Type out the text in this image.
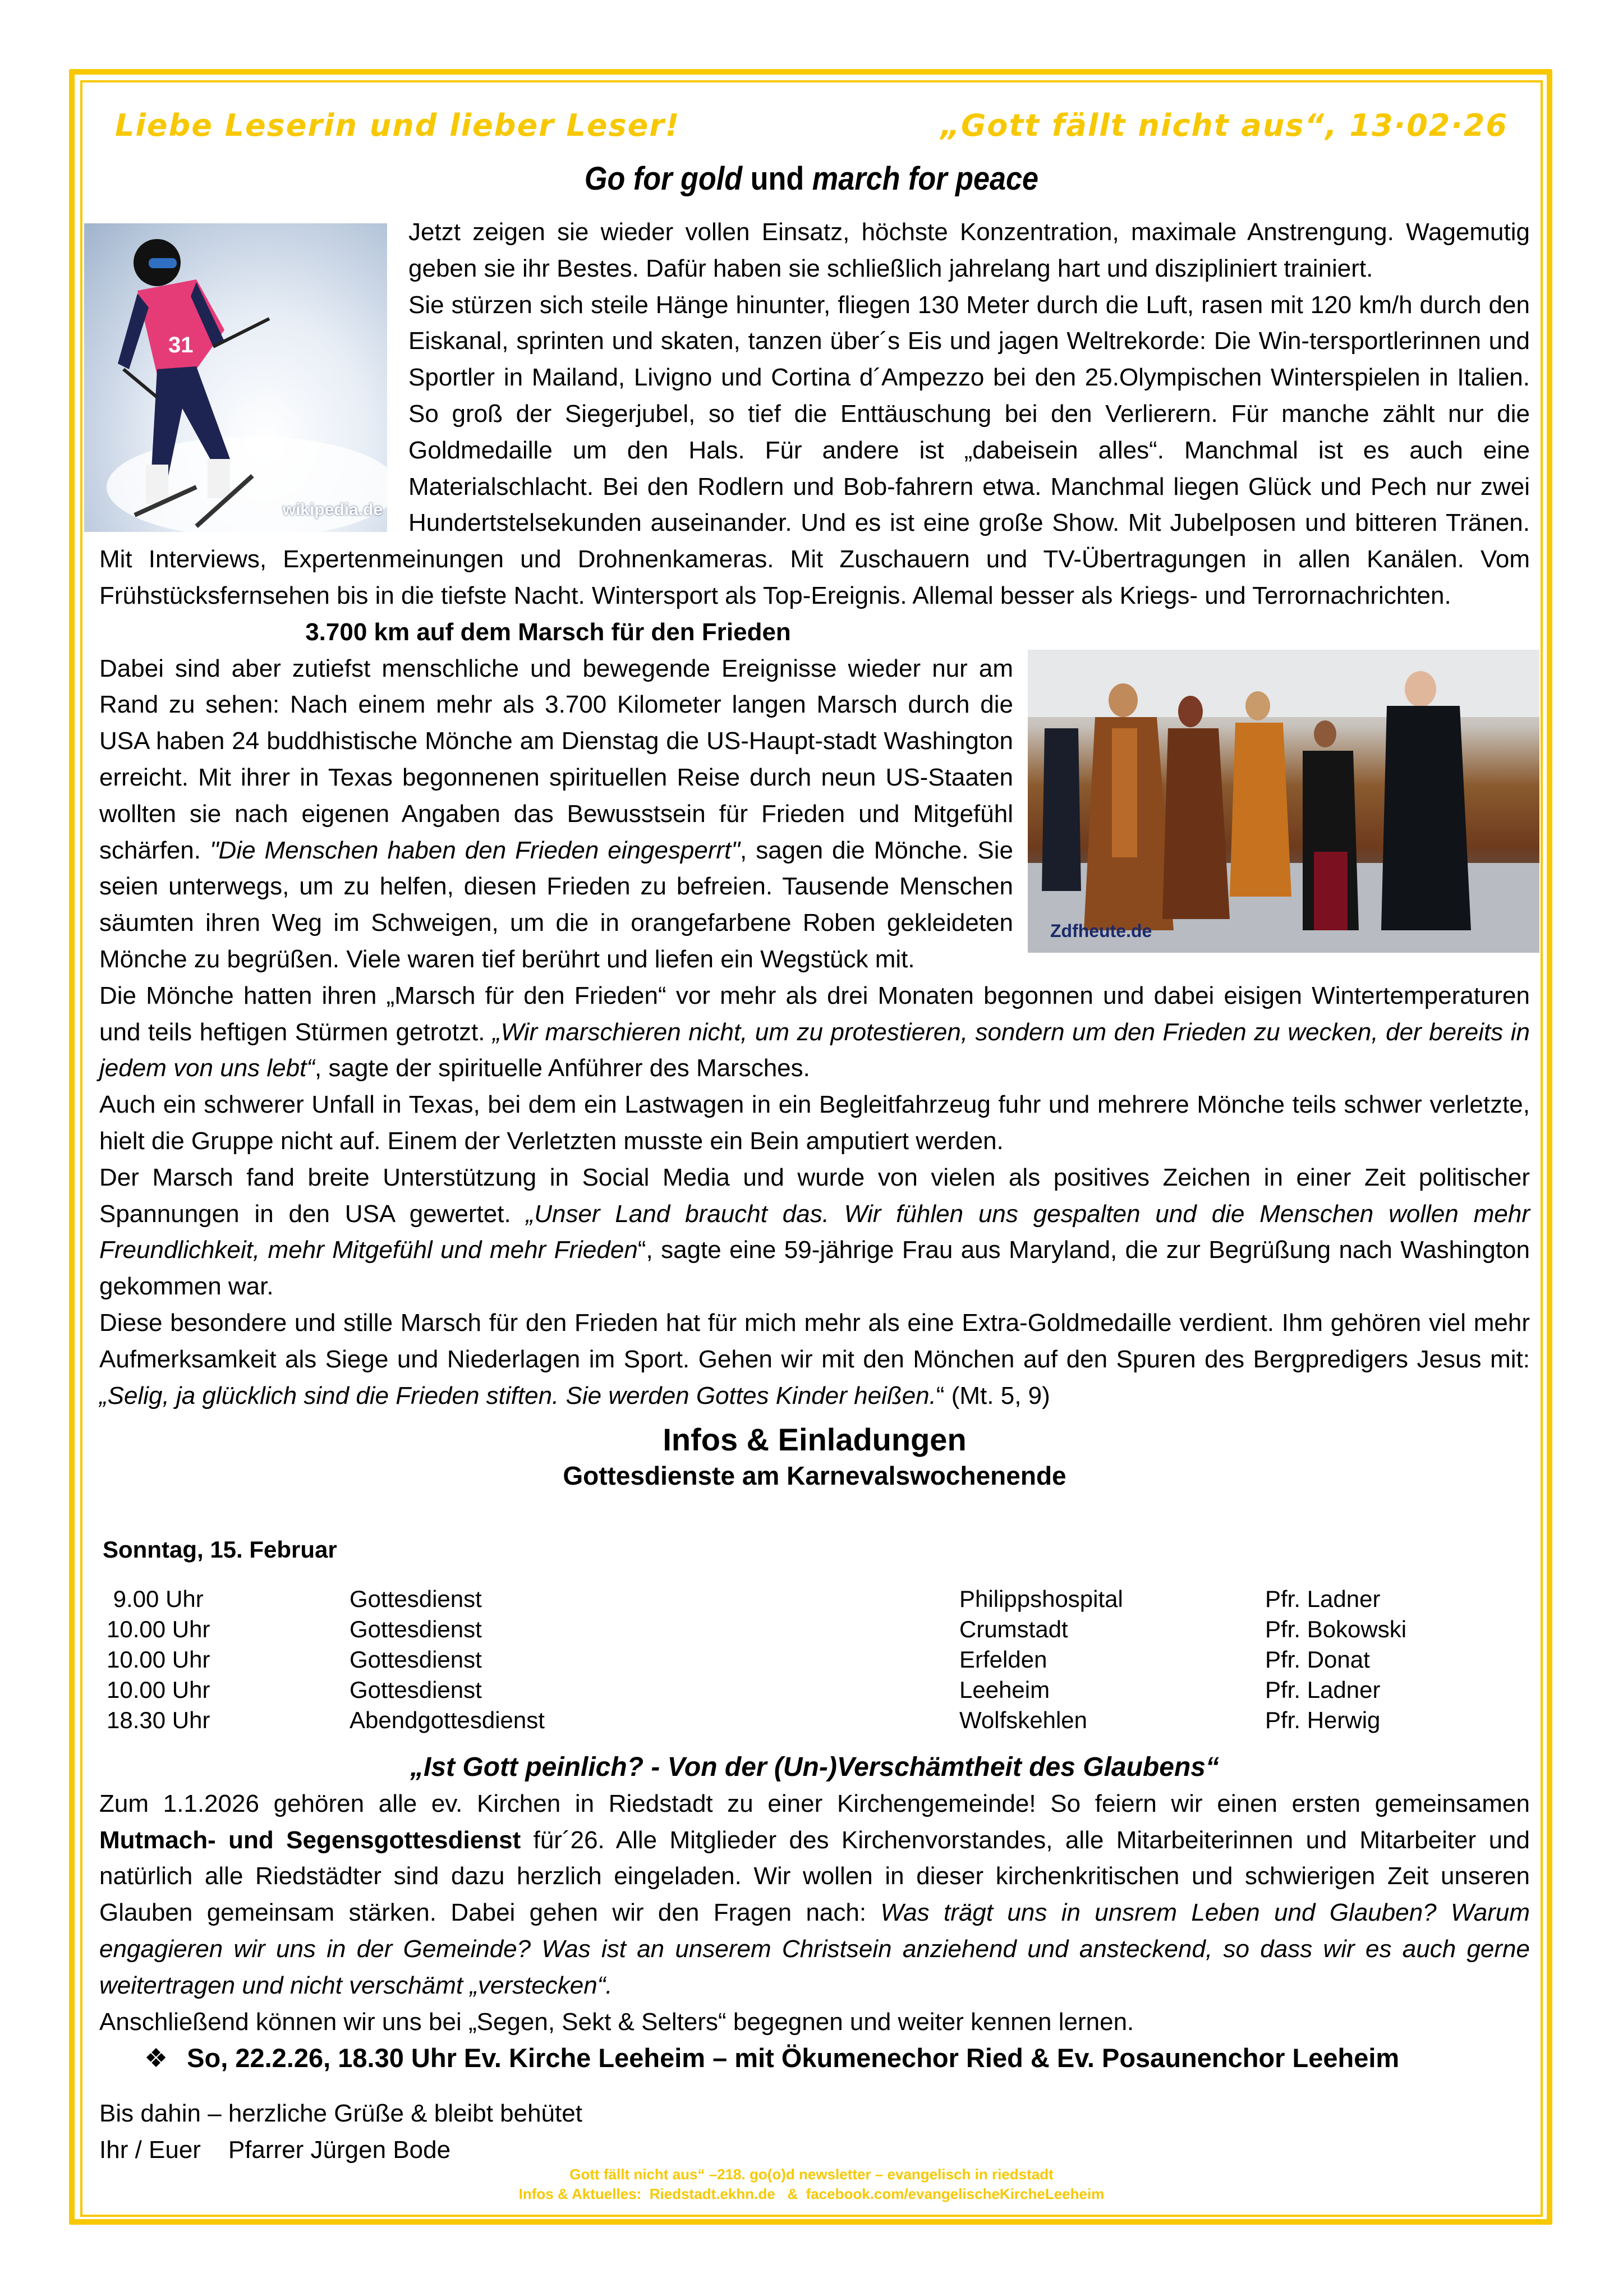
Liebe Leserin und lieber Leser!	„Gott fällt nicht aus“, 13·02·26
Go for gold und march for peace
31
wikipedia.de

Jetzt zeigen sie wieder vollen Einsatz, höchste Konzentration, maximale Anstrengung. Wagemutig geben sie ihr Bestes. Dafür haben sie schließlich jahrelang hart und diszipliniert trainiert.

Sie stürzen sich steile Hänge hinunter, fliegen 130 Meter durch die Luft, rasen mit 120 km/h durch den Eiskanal, sprinten und skaten, tanzen über´s Eis und jagen Weltrekorde: Die Win-tersportlerinnen und Sportler in Mailand, Livigno und Cortina d´Ampezzo bei den 25.Olympischen Winterspielen in Italien. So groß der Siegerjubel, so tief die Enttäuschung bei den Verlierern. Für manche zählt nur die Goldmedaille um den Hals. Für andere ist „dabeisein alles“. Manchmal ist es auch eine Materialschlacht. Bei den Rodlern und Bob-fahrern etwa. Manchmal liegen Glück und Pech nur zwei Hundertstelsekunden auseinander. Und es ist eine große Show. Mit Jubelposen und bitteren Tränen. Mit Interviews, Expertenmeinungen und Drohnenkameras. Mit Zuschauern und TV-Übertragungen in allen Kanälen. Vom Frühstücksfernsehen bis in die tiefste Nacht. Wintersport als Top-Ereignis. Allemal besser als Kriegs- und Terrornachrichten.

3.700 km auf dem Marsch für den Frieden

Zdfheute.de

Dabei sind aber zutiefst menschliche und bewegende Ereignisse wieder nur am Rand zu sehen: Nach einem mehr als 3.700 Kilometer langen Marsch durch die USA haben 24 buddhistische Mönche am Dienstag die US-Haupt-stadt Washington erreicht. Mit ihrer in Texas begonnenen spirituellen Reise durch neun US-Staaten wollten sie nach eigenen Angaben das Bewusstsein für Frieden und Mitgefühl schärfen. "Die Menschen haben den Frieden eingesperrt", sagen die Mönche. Sie seien unterwegs, um zu helfen, diesen Frieden zu befreien. Tausende Menschen säumten ihren Weg im Schweigen, um die in orangefarbene Roben gekleideten Mönche zu begrüßen. Viele waren tief berührt und liefen ein Wegstück mit.

Die Mönche hatten ihren „Marsch für den Frieden“ vor mehr als drei Monaten begonnen und dabei eisigen Wintertemperaturen und teils heftigen Stürmen getrotzt. „Wir marschieren nicht, um zu protestieren, sondern um den Frieden zu wecken, der bereits in jedem von uns lebt“, sagte der spirituelle Anführer des Marsches.

Auch ein schwerer Unfall in Texas, bei dem ein Lastwagen in ein Begleitfahrzeug fuhr und mehrere Mönche teils schwer verletzte, hielt die Gruppe nicht auf. Einem der Verletzten musste ein Bein amputiert werden.

Der Marsch fand breite Unterstützung in Social Media und wurde von vielen als positives Zeichen in einer Zeit politischer Spannungen in den USA gewertet. „Unser Land braucht das. Wir fühlen uns gespalten und die Menschen wollen mehr Freundlichkeit, mehr Mitgefühl und mehr Frieden“, sagte eine 59-jährige Frau aus Maryland, die zur Begrüßung nach Washington gekommen war.

Diese besondere und stille Marsch für den Frieden hat für mich mehr als eine Extra-Goldmedaille verdient. Ihm gehören viel mehr Aufmerksamkeit als Siege und Niederlagen im Sport. Gehen wir mit den Mönchen auf den Spuren des Bergpredigers Jesus mit: „Selig, ja glücklich sind die Frieden stiften. Sie werden Gottes Kinder heißen.“ (Mt. 5, 9)

Infos & Einladungen
Gottesdienste am Karnevalswochenende
Sonntag, 15. Februar
9.00 Uhr	Gottesdienst	Philippshospital	Pfr. Ladner
10.00 Uhr	Gottesdienst	Crumstadt	Pfr. Bokowski
10.00 Uhr	Gottesdienst	Erfelden	Pfr. Donat
10.00 Uhr	Gottesdienst	Leeheim	Pfr. Ladner
18.30 Uhr	Abendgottesdienst	Wolfskehlen	Pfr. Herwig

„Ist Gott peinlich? - Von der (Un-)Verschämtheit des Glaubens“

Zum 1.1.2026 gehören alle ev. Kirchen in Riedstadt zu einer Kirchengemeinde! So feiern wir einen ersten gemeinsamen Mutmach- und Segensgottesdienst für´26. Alle Mitglieder des Kirchenvorstandes, alle Mitarbeiterinnen und Mitarbeiter und natürlich alle Riedstädter sind dazu herzlich eingeladen. Wir wollen in dieser kirchenkritischen und schwierigen Zeit unseren Glauben gemeinsam stärken. Dabei gehen wir den Fragen nach: Was trägt uns in unsrem Leben und Glauben? Warum engagieren wir uns in der Gemeinde? Was ist an unserem Christsein anziehend und ansteckend, so dass wir es auch gerne weitertragen und nicht verschämt „verstecken“.

Anschließend können wir uns bei „Segen, Sekt & Selters“ begegnen und weiter kennen lernen.

❖ So, 22.2.26, 18.30 Uhr Ev. Kirche Leeheim – mit Ökumenechor Ried & Ev. Posaunenchor Leeheim

Bis dahin – herzliche Grüße & bleibt behütet
Ihr / Euer    Pfarrer Jürgen Bode
Gott fällt nicht aus“ –218. go(o)d newsletter – evangelisch in riedstadt
Infos & Aktuelles:  Riedstadt.ekhn.de   &  facebook.com/evangelischeKircheLeeheim
